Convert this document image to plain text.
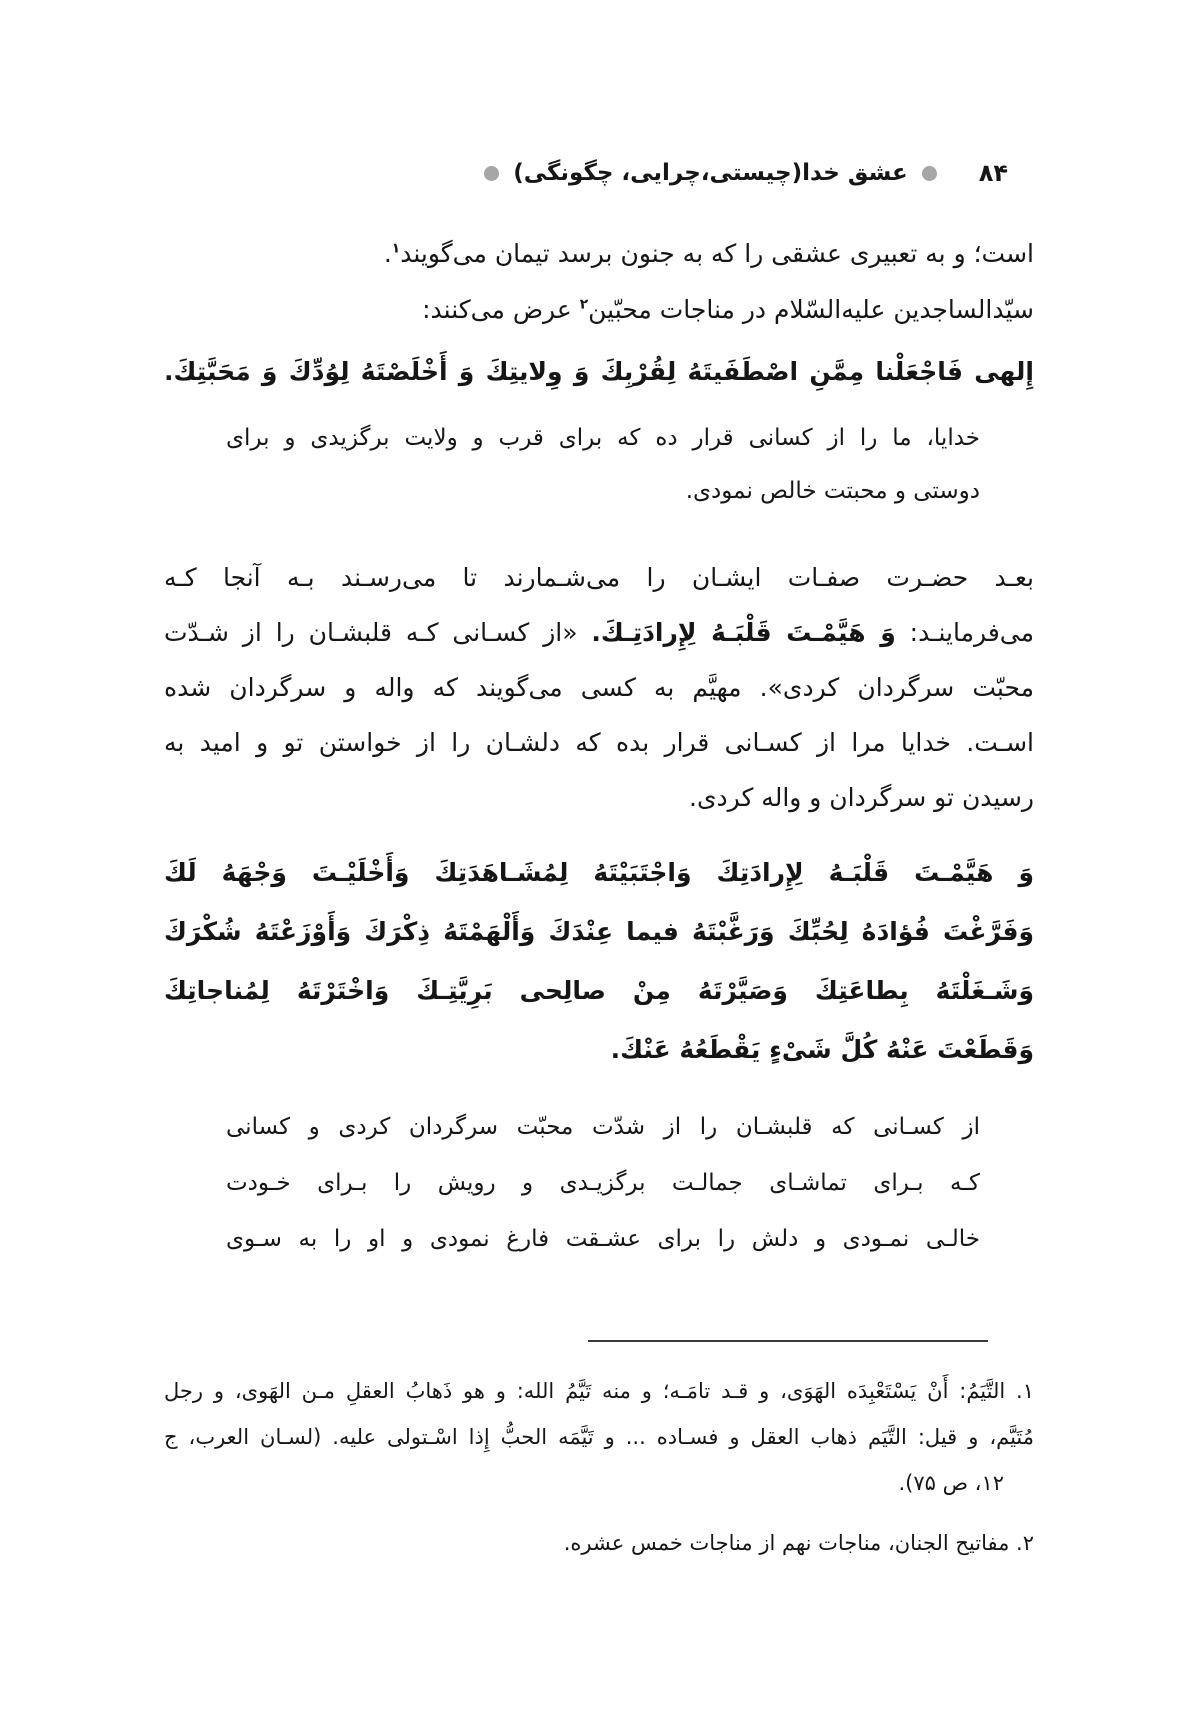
۸۴
عشق خدا(چیستی،چرایی، چگونگی)
است؛ و به تعبیری عشقی را که به جنون برسد تیمان می‌گویند$^۱$.
سیّدالساجدین علیه‌السّلام در مناجات محبّین$^۲$ عرض می‌کنند:
إِلهی فَاجْعَلْنا مِمَّنِ اصْطَفَیتَهُ لِقُرْبِكَ وَ وِلایتِكَ وَ أَخْلَصْتَهُ لِوُدِّكَ وَ مَحَبَّتِكَ.
خدایا، ما را از کسانی قرار ده که برای قرب و ولایت برگزیدی و برای
دوستی و محبتت خالص نمودی.
بعـد حضـرت صفـات ایشـان را می‌شـمارند تا می‌رسـند بـه آنجا کـه
می‌فرماینـد: وَ هَیَّمْـتَ قَلْبَـهُ لِإِرادَتِـكَ. «از کسـانی کـه قلبشـان را از شـدّت
محبّت سرگردان کردی». مهیَّم به کسی می‌گویند که واله و سرگردان شده
اسـت. خدایا مرا از کسـانی قرار بده که دلشـان را از خواستن تو و امید به
رسیدن تو سرگردان و واله کردی.
وَ هَیَّمْـتَ قَلْبَـهُ لِإِرادَتِكَ وَاجْتَبَیْتَهُ لِمُشَـاهَدَتِكَ وَأَخْلَیْـتَ وَجْهَهُ لَكَ
وَفَرَّغْتَ فُؤادَهُ لِحُبِّكَ وَرَغَّبْتَهُ فیما عِنْدَكَ وَأَلْهَمْتَهُ ذِكْرَكَ وَأَوْزَعْتَهُ شُكْرَكَ
وَشَـغَلْتَهُ بِطاعَتِكَ وَصَیَّرْتَهُ مِنْ صالِحی بَرِیَّتِـكَ وَاخْتَرْتَهُ لِمُناجاتِكَ
وَقَطَعْتَ عَنْهُ كُلَّ شَیْءٍ یَقْطَعُهُ عَنْكَ.
از کسـانی که قلبشـان را از شدّت محبّت سرگردان کردی و کسانی
کـه بـرای تماشـای جمالـت برگزیـدی و رویش را بـرای خـودت
خالـی نمـودی و دلش را برای عشـقت فارغ نمودی و او را به سـوی
۱. التَّیَمُ: أَنْ یَسْتَعْبِدَه الهَوَی، و قـد تامَـه؛ و منه تَیَّمُ الله: و هو ذَهابُ العقلِ مـن الهَوی، و رجل
مُتَیَّم، و قیل: التَّیَم ذهاب العقل و فسـاده ... و تَیَّمَه الحبُّ إِذا اسْـتولی علیه. (لسـان العرب، ج
۱۲، ص ۷۵).
۲. مفاتیح الجنان، مناجات نهم از مناجات خمس عشره.
